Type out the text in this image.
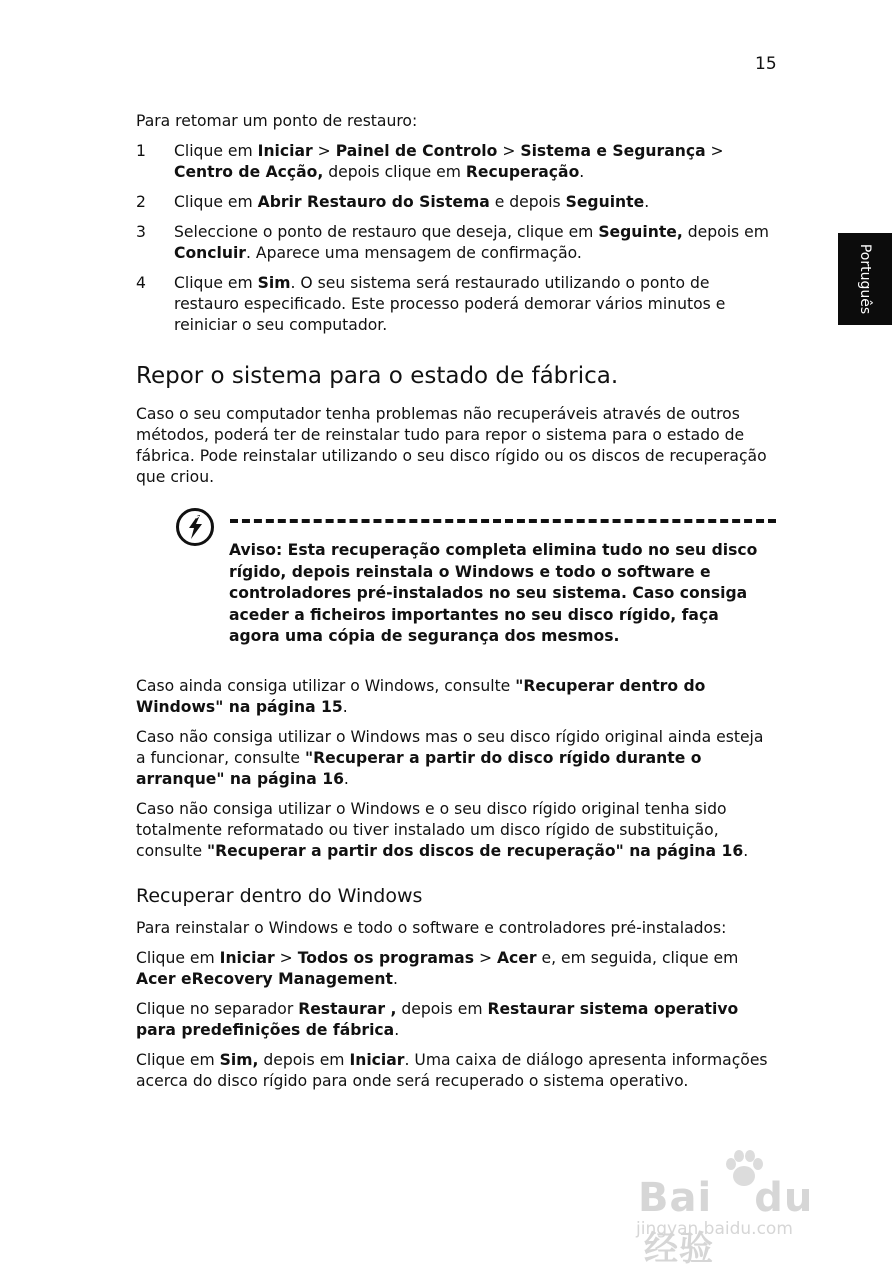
15
Português

Para retomar um ponto de restauro:

1 Clique em Iniciar > Painel de Controlo > Sistema e Segurança > Centro de Acção, depois clique em Recuperação.
2 Clique em Abrir Restauro do Sistema e depois Seguinte.
3 Seleccione o ponto de restauro que deseja, clique em Seguinte, depois em Concluir. Aparece uma mensagem de confirmação.
4 Clique em Sim. O seu sistema será restaurado utilizando o ponto de restauro especificado. Este processo poderá demorar vários minutos e reiniciar o seu computador.
Repor o sistema para o estado de fábrica.

Caso o seu computador tenha problemas não recuperáveis através de outros métodos, poderá ter de reinstalar tudo para repor o sistema para o estado de fábrica. Pode reinstalar utilizando o seu disco rígido ou os discos de recuperação que criou.

Aviso: Esta recuperação completa elimina tudo no seu disco rígido, depois reinstala o Windows e todo o software e controladores pré-instalados no seu sistema. Caso consiga aceder a ficheiros importantes no seu disco rígido, faça agora uma cópia de segurança dos mesmos.

Caso ainda consiga utilizar o Windows, consulte "Recuperar dentro do Windows" na página 15.

Caso não consiga utilizar o Windows mas o seu disco rígido original ainda esteja a funcionar, consulte "Recuperar a partir do disco rígido durante o arranque" na página 16.

Caso não consiga utilizar o Windows e o seu disco rígido original tenha sido totalmente reformatado ou tiver instalado um disco rígido de substituição, consulte "Recuperar a partir dos discos de recuperação" na página 16.

Recuperar dentro do Windows

Para reinstalar o Windows e todo o software e controladores pré-instalados:

Clique em Iniciar > Todos os programas > Acer e, em seguida, clique em Acer eRecovery Management.

Clique no separador Restaurar , depois em Restaurar sistema operativo para predefinições de fábrica.

Clique em Sim, depois em Iniciar. Uma caixa de diálogo apresenta informações acerca do disco rígido para onde será recuperado o sistema operativo.

Bai du经验
jingyan.baidu.com
